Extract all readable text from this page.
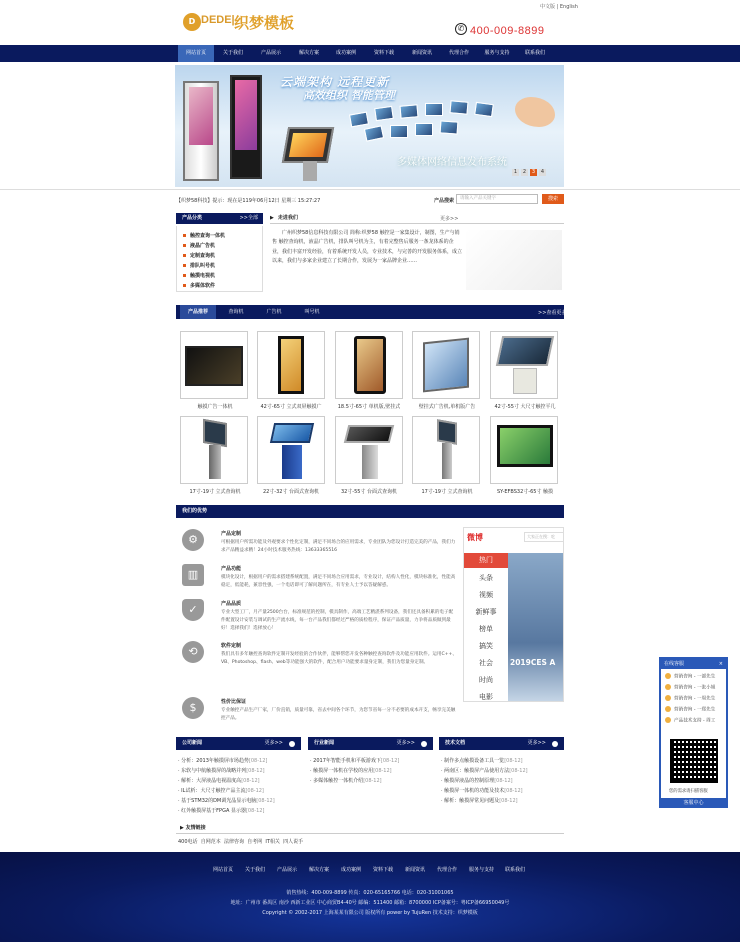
中文版 | English
D DEDE| 织梦模板	✆ 400-009-8899
网站首页	关于我们	产品展示	解决方案	成功案例	资料下载	新闻资讯	代理合作	服务与支持	联系我们
云端架构 远程更新
高效组织 智能管理
多媒体网络信息发布系统
1 2 3 4
【织梦58科技】提示：现在是119年06月12日 星期三 15:27:27	产品搜索	请输入产品关键字	搜索
产品分类	>>全部
触控查询一体机
液晶广告机
定制查询机
排队叫号机
触摸电视机
多媒体软件
▶ 走进我们	更多>>
广州织梦58信息科技有限公司 简称:织梦58 触控是一家集设计，制图，生产与销售 触控查询机，液晶广告机，排队叫号机为主，有着完整售后服务一条龙体系的企业，我们丰富开发经验，有着系统开发人员，专业技术，与完善的开发服务体系，成立以来，我们与多家企业建立了长期合作，发展为一家品牌企业……
产品推荐	查询机	广告机	叫号机	>>查看更多
触摸广告一体机	42寸-65寸 立式双屏触摸广	18.5寸-65寸 单机版,壁挂式	壁挂式广告机,单机版广告	42寸-55寸 大尺寸触控平几
17寸-19寸 立式查询机	22寸-32寸 台面式查询机	32寸-55寸 台面式查询机	17寸-19寸 立式查询机	SY-EFBS32寸-65寸 触摸
我们的优势
⚙	产品定制
可根据用户所需功能及外观要求个性化定制，满足不同场合的应用需求，专业团队为您设计打造完美的产品，我们力求产品精益求精！24小时技术服务热线：13633365516
▥	产品功能
模块化设计，根据用户的需求搭建系统配置，满足不同场合应用需求，专业设计，结构人性化，模块标准化，性能高稳定，低能耗，兼容性强，一个电话即可了解问题所在，有专业人士予以答疑解惑。
✓	产品品质
专业大型工厂，月产量2500台台，标准规范的控制，模具制作，高端工艺精湛系列设备，我们还具备积累的电子配件配置设计安装与调试的生产流水线，每一台产品我们都经过严格的质检程序，保证产品质量，力争将品质做到最好！选择我们！选择放心！
⟲	软件定制
我们具有多年触控查询软件定制开发经验的合作伙伴，能够帮您开发各种触控查询软件及功能应用软件。运用C++、VB、Photoshop、flash、web等功能强大的软件，配合用户功能要求量身定制，我们为您量身定制。
$	性价比保证
专业触控产品生产厂家，厂价直销，质量可靠，省去中间各个环节，为您节省每一分不必要的成本开支，畅享完美触控产品。
微博	大家正在搜：吃
2019CES A
热门
头条
视频
新鲜事
榜单
搞笑
社会
时尚
电影
公司新闻	更多>>
· 分析：2013年触摸屏市场趋势[08-12]
· 东软与中航触摸屏的战略并列[08-12]
· 解析：大屏液晶电视温度高[08-12]
· IL试析：大尺寸触控产品主流[08-12]
· 基于STM32的DM调光晶显示电脑[08-12]
· 红外触摸屏基于FPGA 显示器[08-12]
行业新闻	更多>>
· 2017年智能手机和平板游戏下[08-12]
· 触摸屏一体机在学校的应用[08-12]
· 多媒体触控一体机介绍[08-12]
技术文档	更多>>
· 制作多点触摸设备工具一览[08-12]
· 两南区：触摸屏产品使用方法[08-12]
· 触摸屏液晶的控制原理[08-12]
· 触摸屏一体机的功能及技术[08-12]
· 解析：触摸屏常见问题及[08-12]
▶ 友情链接
400电话 自网范本 法律咨询 自考网 IT相关 四人说手
网站首页 关于我们 产品展示 解决方案 成功案例 资料下载 新闻资讯 代理合作 服务与支持 联系我们
销售热线：400-009-8899 传真：020-65165766 电话：020-31001065
地址：广州市 番禺区 南沙 西新工业区 中心商贸B4-40号 邮编：511400 邮箱：8700000 ICP备案号：粤ICP备66950049号
Copyright © 2002-2017 上海某某有限公司 版权所有 power by TujuRen 技术支持：织梦模板
在线客服	×
营销咨询 - 一部先生
营销咨询 - 一张小姐
营销咨询 - 一周先生
营销咨询 - 一郑先生
产品技术支持 - 周工
您的需求请扫描客服
客服中心
